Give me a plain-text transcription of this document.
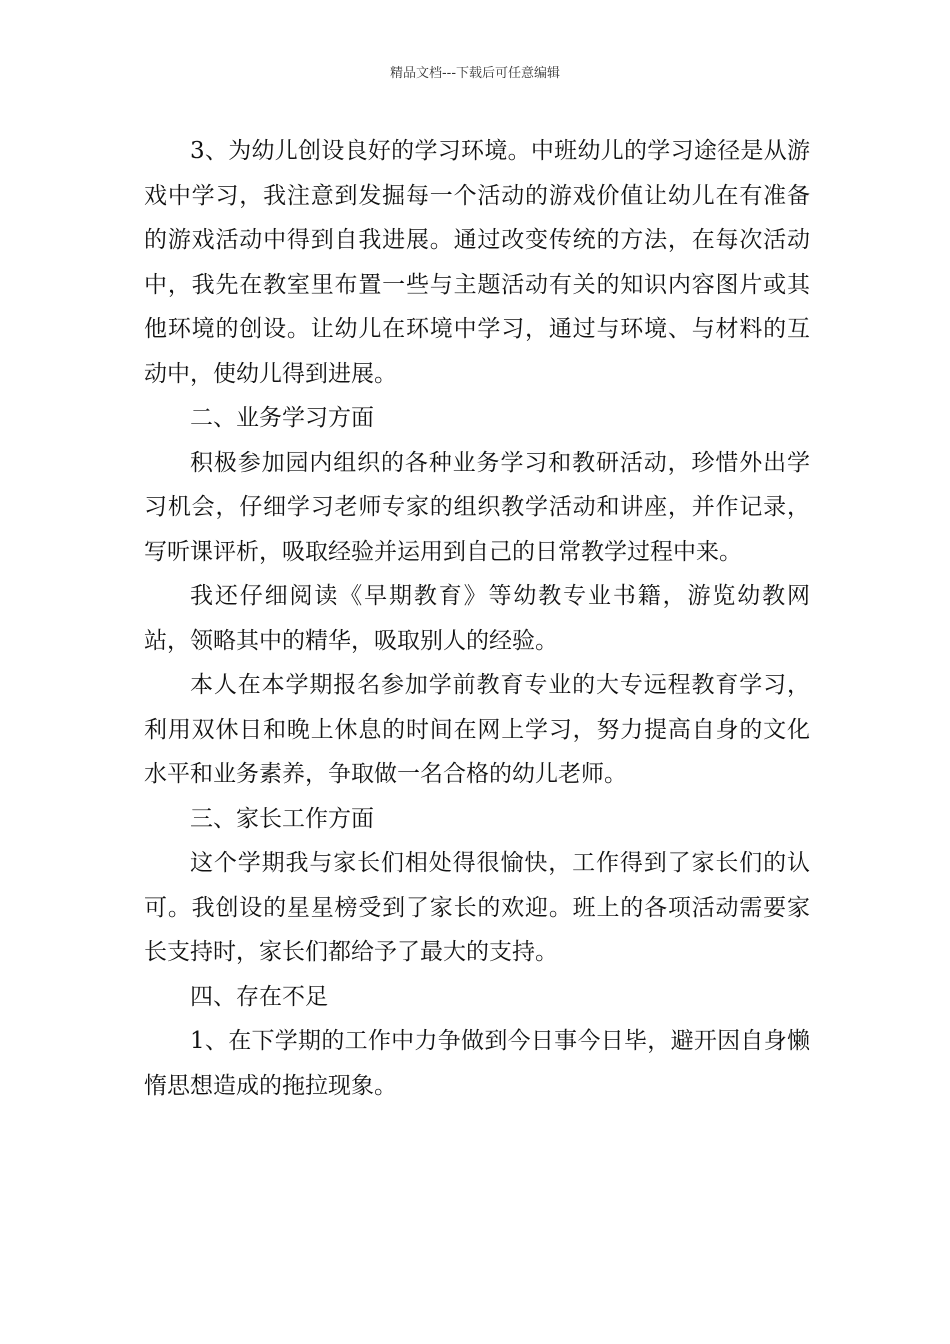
精品文档---下载后可任意编辑

3、为幼儿创设良好的学习环境。中班幼儿的学习途径是从游戏中学习，我注意到发掘每一个活动的游戏价值让幼儿在有准备的游戏活动中得到自我进展。通过改变传统的方法，在每次活动中，我先在教室里布置一些与主题活动有关的知识内容图片或其他环境的创设。让幼儿在环境中学习，通过与环境、与材料的互动中，使幼儿得到进展。

二、业务学习方面

积极参加园内组织的各种业务学习和教研活动，珍惜外出学习机会，仔细学习老师专家的组织教学活动和讲座，并作记录，写听课评析，吸取经验并运用到自己的日常教学过程中来。

我还仔细阅读《早期教育》等幼教专业书籍，游览幼教网站，领略其中的精华，吸取别人的经验。

本人在本学期报名参加学前教育专业的大专远程教育学习，利用双休日和晚上休息的时间在网上学习，努力提高自身的文化水平和业务素养，争取做一名合格的幼儿老师。

三、家长工作方面

这个学期我与家长们相处得很愉快，工作得到了家长们的认可。我创设的星星榜受到了家长的欢迎。班上的各项活动需要家长支持时，家长们都给予了最大的支持。

四、存在不足

1、在下学期的工作中力争做到今日事今日毕，避开因自身懒惰思想造成的拖拉现象。
